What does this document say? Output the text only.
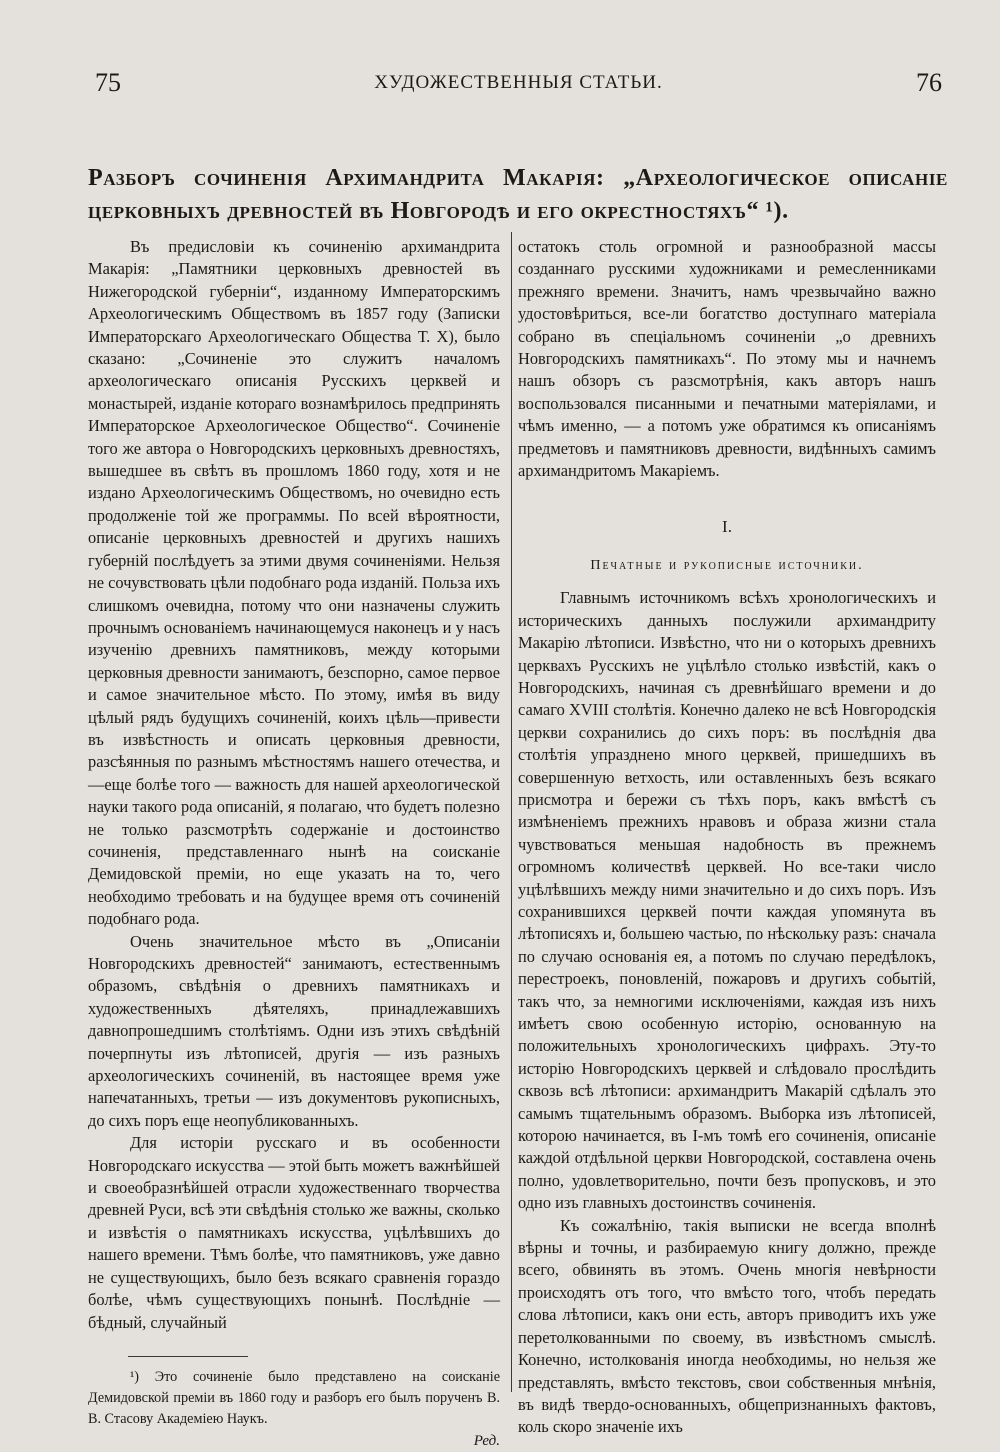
75	ХУДОЖЕСТВЕННЫЯ СТАТЬИ.	76

Разборъ сочиненія Архимандрита Макарія: „Археологическое описаніе церковныхъ древностей въ Новгородѣ и его окрестностяхъ“ ¹).

Въ предисловіи къ сочиненію архимандрита Макарія: „Памятники церковныхъ древностей въ Нижегородской губерніи“, изданному Императорскимъ Археологическимъ Обществомъ въ 1857 году (Записки Императорскаго Археологическаго Общества Т. X), было сказано: „Сочиненіе это служитъ началомъ археологическаго описанія Русскихъ церквей и монастырей, изданіе котораго вознамѣрилось предпринять Императорское Археологическое Общество“. Сочиненіе того же автора о Новгородскихъ церковныхъ древностяхъ, вышедшее въ свѣтъ въ прошломъ 1860 году, хотя и не издано Археологическимъ Обществомъ, но очевидно есть продолженіе той же программы. По всей вѣроятности, описаніе церковныхъ древностей и другихъ нашихъ губерній послѣдуетъ за этими двумя сочиненіями. Нельзя не сочувствовать цѣли подобнаго рода изданій. Польза ихъ слишкомъ очевидна, потому что они назначены служить прочнымъ основаніемъ начинающемуся наконецъ и у насъ изученію древнихъ памятниковъ, между которыми церковныя древности занимаютъ, безспорно, самое первое и самое значительное мѣсто. По этому, имѣя въ виду цѣлый рядъ будущихъ сочиненій, коихъ цѣль—привести въ извѣстность и описать церковныя древности, разсѣянныя по разнымъ мѣстностямъ нашего отечества, и—еще болѣе того — важность для нашей археологической науки такого рода описаній, я полагаю, что будетъ полезно не только разсмотрѣть содержаніе и достоинство сочиненія, представленнаго нынѣ на соисканіе Демидовской преміи, но еще указать на то, чего необходимо требовать и на будущее время отъ сочиненій подобнаго рода.

Очень значительное мѣсто въ „Описаніи Новгородскихъ древностей“ занимаютъ, естественнымъ образомъ, свѣдѣнія о древнихъ памятникахъ и художественныхъ дѣятеляхъ, принадлежавшихъ давнопрошедшимъ столѣтіямъ. Одни изъ этихъ свѣдѣній почерпнуты изъ лѣтописей, другія — изъ разныхъ археологическихъ сочиненій, въ настоящее время уже напечатанныхъ, третьи — изъ документовъ рукописныхъ, до сихъ поръ еще неопубликованныхъ.

Для исторіи русскаго и въ особенности Новгородскаго искусства — этой быть можетъ важнѣйшей и своеобразнѣйшей отрасли художественнаго творчества древней Руси, всѣ эти свѣдѣнія столько же важны, сколько и извѣстія о памятникахъ искусства, уцѣлѣвшихъ до нашего времени. Тѣмъ болѣе, что памятниковъ, уже давно не существующихъ, было безъ всякаго сравненія гораздо болѣе, чѣмъ существующихъ понынѣ. Послѣдніе — бѣдный, случайный

¹) Это сочиненіе было представлено на соисканіе Демидовской преміи въ 1860 году и разборъ его былъ порученъ В. В. Стасову Академіею Наукъ.

Ред.

остатокъ столь огромной и разнообразной массы созданнаго русскими художниками и ремесленниками прежняго времени. Значитъ, намъ чрезвычайно важно удостовѣриться, все-ли богатство доступнаго матеріала собрано въ спеціальномъ сочиненіи „о древнихъ Новгородскихъ памятникахъ“. По этому мы и начнемъ нашъ обзоръ съ разсмотрѣнія, какъ авторъ нашъ воспользовался писанными и печатными матеріялами, и чѣмъ именно, — а потомъ уже обратимся къ описаніямъ предметовъ и памятниковъ древности, видѣнныхъ самимъ архимандритомъ Макаріемъ.

I.
Печатные и рукописные источники.

Главнымъ источникомъ всѣхъ хронологическихъ и историческихъ данныхъ послужили архимандриту Макарію лѣтописи. Извѣстно, что ни о которыхъ древнихъ церквахъ Русскихъ не уцѣлѣло столько извѣстій, какъ о Новгородскихъ, начиная съ древнѣйшаго времени и до самаго XVIII столѣтія. Конечно далеко не всѣ Новгородскія церкви сохранились до сихъ поръ: въ послѣднія два столѣтія упразднено много церквей, пришедшихъ въ совершенную ветхость, или оставленныхъ безъ всякаго присмотра и бережи съ тѣхъ поръ, какъ вмѣстѣ съ измѣненіемъ прежнихъ нравовъ и образа жизни стала чувствоваться меньшая надобность въ прежнемъ огромномъ количествѣ церквей. Но все-таки число уцѣлѣвшихъ между ними значительно и до сихъ поръ. Изъ сохранившихся церквей почти каждая упомянута въ лѣтописяхъ и, большею частью, по нѣскольку разъ: сначала по случаю основанія ея, а потомъ по случаю передѣлокъ, перестроекъ, поновленій, пожаровъ и другихъ событій, такъ что, за немногими исключеніями, каждая изъ нихъ имѣетъ свою особенную исторію, основанную на положительныхъ хронологическихъ цифрахъ. Эту-то исторію Новгородскихъ церквей и слѣдовало прослѣдить сквозь всѣ лѣтописи: архимандритъ Макарій сдѣлалъ это самымъ тщательнымъ образомъ. Выборка изъ лѣтописей, которою начинается, въ I-мъ томѣ его сочиненія, описаніе каждой отдѣльной церкви Новгородской, составлена очень полно, удовлетворительно, почти безъ пропусковъ, и это одно изъ главныхъ достоинствъ сочиненія.

Къ сожалѣнію, такія выписки не всегда вполнѣ вѣрны и точны, и разбираемую книгу должно, прежде всего, обвинять въ этомъ. Очень многія невѣрности происходятъ отъ того, что вмѣсто того, чтобъ передать слова лѣтописи, какъ они есть, авторъ приводитъ ихъ уже перетолкованными по своему, въ извѣстномъ смыслѣ. Конечно, истолкованія иногда необходимы, но нельзя же представлять, вмѣсто текстовъ, свои собственныя мнѣнія, въ видѣ твердо-основанныхъ, общепризнанныхъ фактовъ, коль скоро значеніе ихъ
